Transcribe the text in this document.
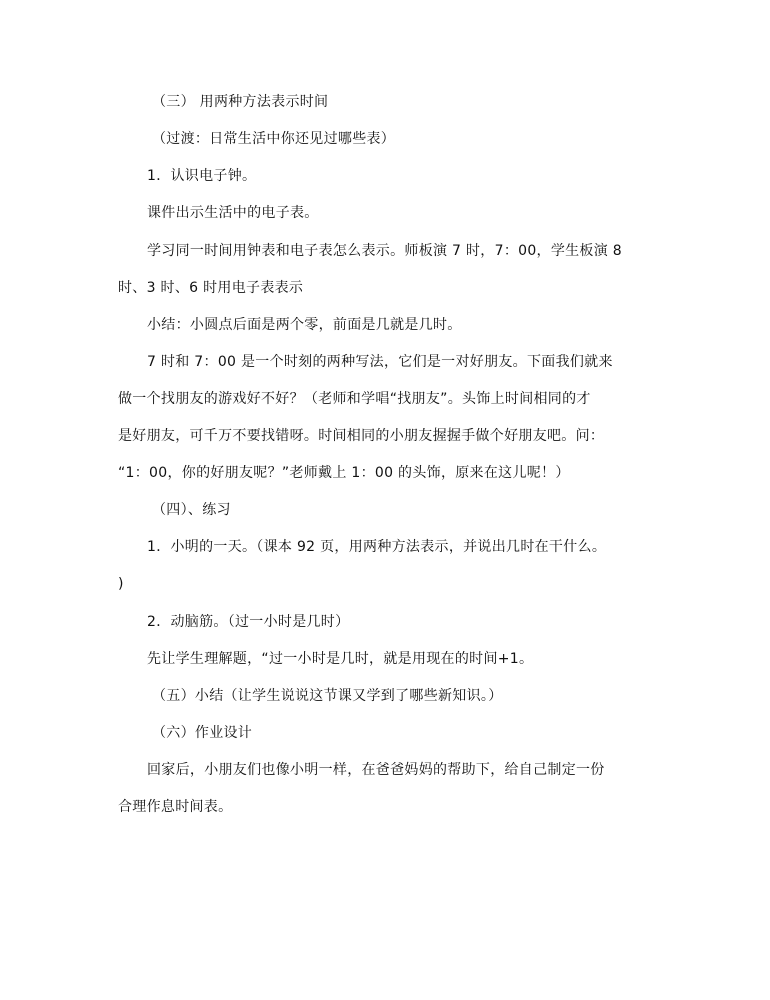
（三） 用两种方法表示时间
（过渡：日常生活中你还见过哪些表）
1．认识电子钟。
课件出示生活中的电子表。
学习同一时间用钟表和电子表怎么表示。师板演 7 时，7：00，学生板演 8
时、3 时、6 时用电子表表示
小结：小圆点后面是两个零，前面是几就是几时。
7 时和 7：00 是一个时刻的两种写法，它们是一对好朋友。下面我们就来
做一个找朋友的游戏好不好？（老师和学唱“找朋友”。头饰上时间相同的才
是好朋友，可千万不要找错呀。时间相同的小朋友握握手做个好朋友吧。问：
“1：00，你的好朋友呢？”老师戴上 1：00 的头饰，原来在这儿呢！）
（四）、练习
1．小明的一天。（课本 92 页，用两种方法表示，并说出几时在干什么。
)
2．动脑筋。（过一小时是几时）
先让学生理解题，“过一小时是几时，就是用现在的时间+1。
（五）小结（让学生说说这节课又学到了哪些新知识。）
（六）作业设计
回家后，小朋友们也像小明一样，在爸爸妈妈的帮助下，给自己制定一份
合理作息时间表。
